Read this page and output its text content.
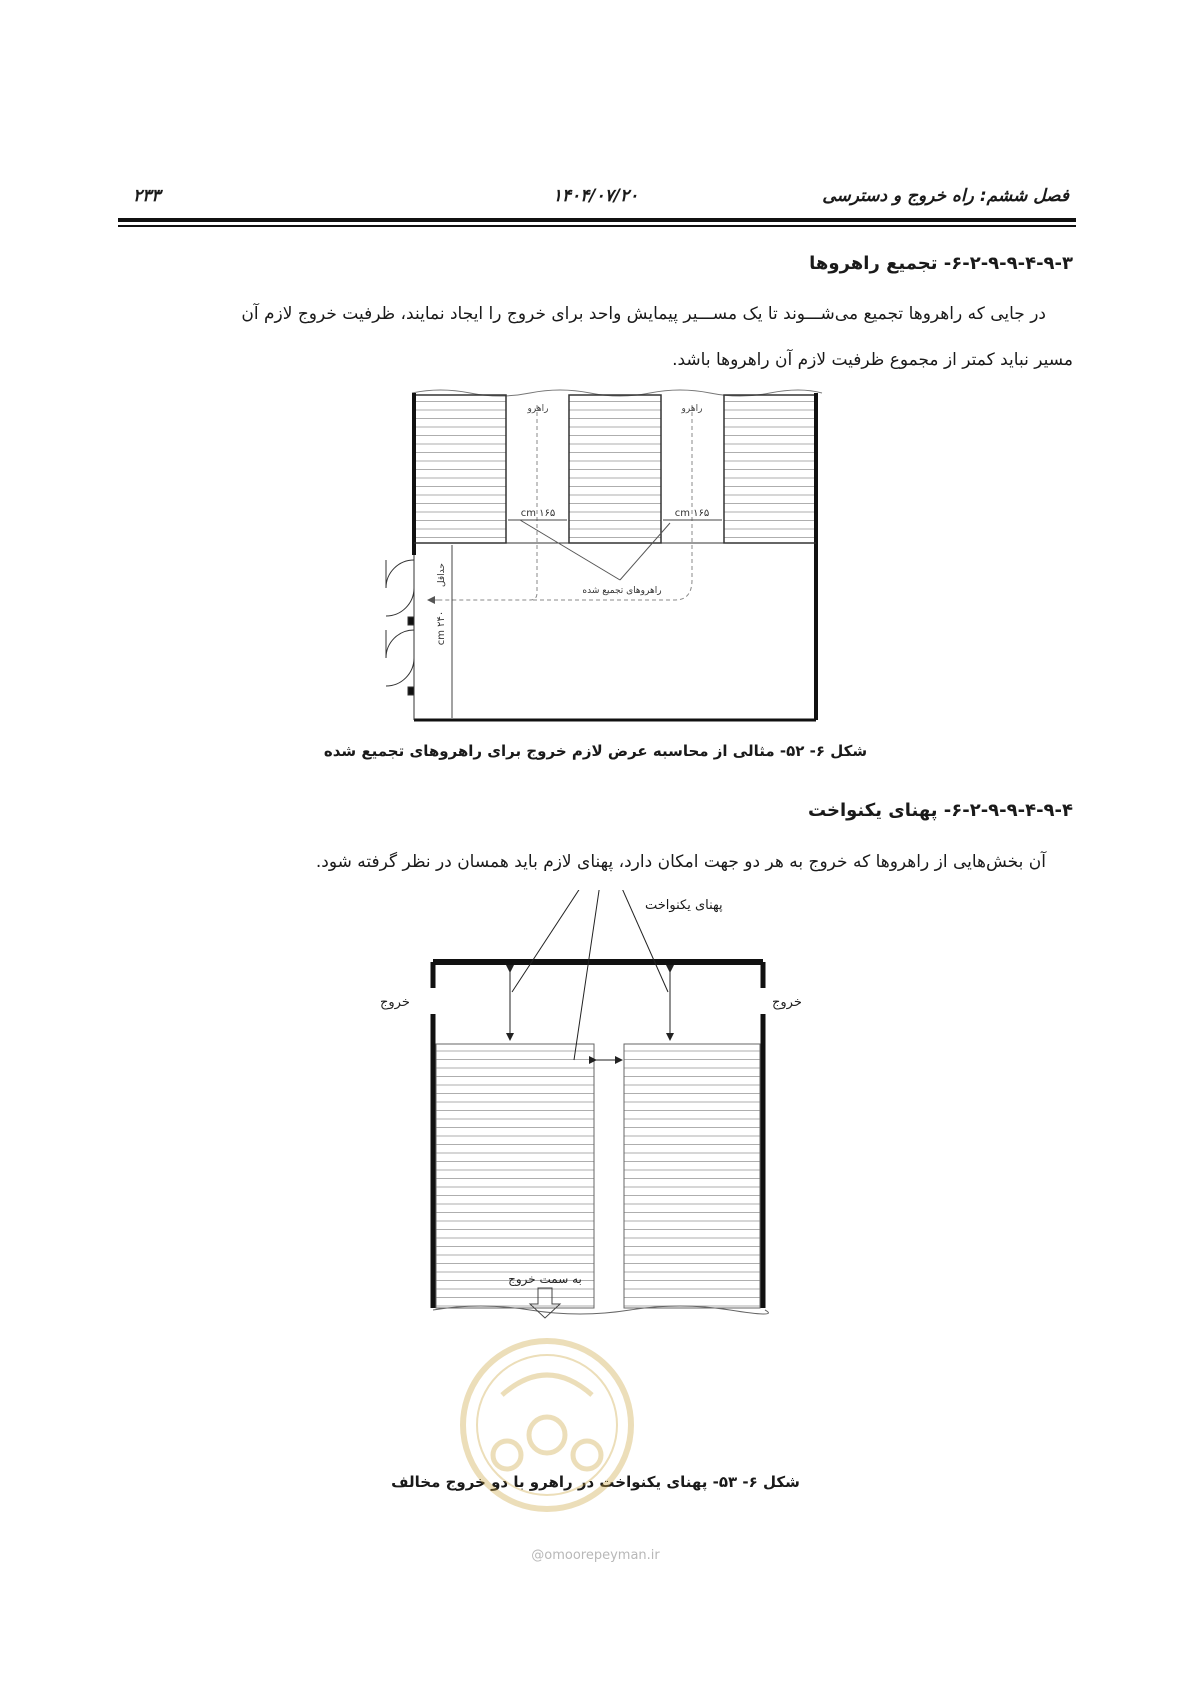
فصل ششم: راه خروج و دسترسی
۱۴۰۴/۰۷/۲۰
۲۳۳
۶-۲-۹-۹-۴-۹-۳- تجمیع راهروها
در جایی که راهروها تجمیع می‌شـــوند تا یک مســـیر پیمایش واحد برای خروج را ایجاد نمایند، ظرفیت خروج لازم آن
مسیر نباید کمتر از مجموع ظرفیت لازم آن راهروها باشد.
راهرو	راهرو
cm ۱۶۵	cm ۱۶۵
حداقل
cm ۲۴۰
راهروهای تجمیع شده
شکل ۶- ۵۲- مثالی از محاسبه عرض لازم خروج برای راهروهای تجمیع شده
۶-۲-۹-۹-۴-۹-۴- پهنای یکنواخت
آن بخش‌هایی از راهروها که خروج به هر دو جهت امکان دارد، پهنای لازم باید همسان در نظر گرفته شود.
خروج	خروج
به سمت خروج
پهنای یکنواخت
شکل ۶- ۵۳- پهنای یکنواخت در راهرو با دو خروج مخالف
@omoorepeyman.ir
